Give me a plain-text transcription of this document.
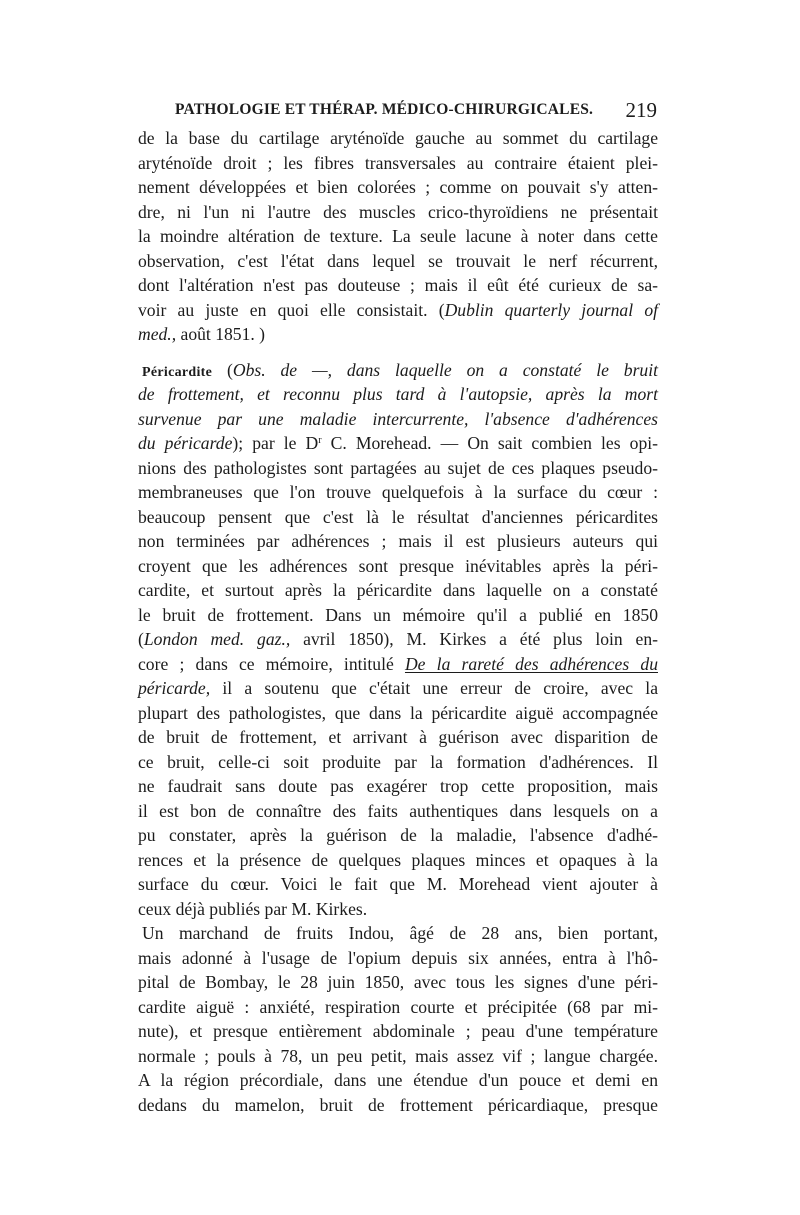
PATHOLOGIE ET THÉRAP. MÉDICO-CHIRURGICALES. 219
de la base du cartilage aryténoïde gauche au sommet du cartilage
aryténoïde droit ; les fibres transversales au contraire étaient plei-
nement développées et bien colorées ; comme on pouvait s'y atten-
dre, ni l'un ni l'autre des muscles crico-thyroïdiens ne présentait
la moindre altération de texture. La seule lacune à noter dans cette
observation, c'est l'état dans lequel se trouvait le nerf récurrent,
dont l'altération n'est pas douteuse ; mais il eût été curieux de sa-
voir au juste en quoi elle consistait. (Dublin quarterly journal of
med., août 1851. )
Péricardite (Obs. de —, dans laquelle on a constaté le bruit
de frottement, et reconnu plus tard à l'autopsie, après la mort
survenue par une maladie intercurrente, l'absence d'adhérences
du péricarde); par le $D^r$ C. Morehead. — On sait combien les opi-
nions des pathologistes sont partagées au sujet de ces plaques pseudo-
membraneuses que l'on trouve quelquefois à la surface du cœur :
beaucoup pensent que c'est là le résultat d'anciennes péricardites
non terminées par adhérences ; mais il est plusieurs auteurs qui
croyent que les adhérences sont presque inévitables après la péri-
cardite, et surtout après la péricardite dans laquelle on a constaté
le bruit de frottement. Dans un mémoire qu'il a publié en 1850
(London med. gaz., avril 1850), M. Kirkes a été plus loin en-
core ; dans ce mémoire, intitulé De la rareté des adhérences du
péricarde, il a soutenu que c'était une erreur de croire, avec la
plupart des pathologistes, que dans la péricardite aiguë accompagnée
de bruit de frottement, et arrivant à guérison avec disparition de
ce bruit, celle-ci soit produite par la formation d'adhérences. Il
ne faudrait sans doute pas exagérer trop cette proposition, mais
il est bon de connaître des faits authentiques dans lesquels on a
pu constater, après la guérison de la maladie, l'absence d'adhé-
rences et la présence de quelques plaques minces et opaques à la
surface du cœur. Voici le fait que M. Morehead vient ajouter à
ceux déjà publiés par M. Kirkes.
Un marchand de fruits Indou, âgé de 28 ans, bien portant,
mais adonné à l'usage de l'opium depuis six années, entra à l'hô-
pital de Bombay, le 28 juin 1850, avec tous les signes d'une péri-
cardite aiguë : anxiété, respiration courte et précipitée (68 par mi-
nute), et presque entièrement abdominale ; peau d'une température
normale ; pouls à 78, un peu petit, mais assez vif ; langue chargée.
A la région précordiale, dans une étendue d'un pouce et demi en
dedans du mamelon, bruit de frottement péricardiaque, presque
